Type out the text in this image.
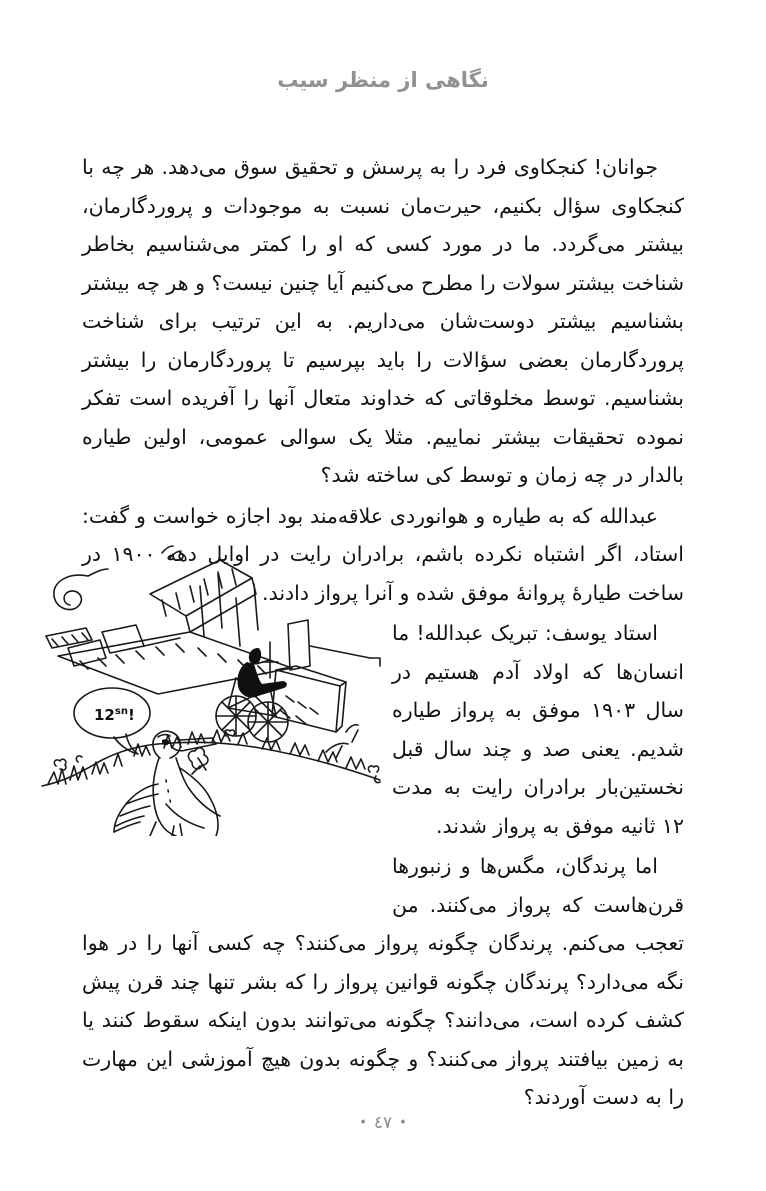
نگاهی از منظر سیب

جوانان! کنجکاوی فرد را به پرسش و تحقیق سوق می‌دهد. هر چه با کنجکاوی سؤال بکنیم، حیرت‌مان نسبت به موجودات و پروردگارمان، بیشتر می‌گردد. ما در مورد کسی که او را کمتر می‌شناسیم بخاطر شناخت بیشتر سولات را مطرح می‌کنیم آیا چنین نیست؟ و هر چه بیشتر بشناسیم بیشتر دوست‌شان می‌داریم. به این ترتیب برای شناخت پروردگارمان بعضی سؤالات را باید بپرسیم تا پروردگارمان را بیشتر بشناسیم. توسط مخلوقاتی که خداوند متعال آنها را آفریده است تفکر نموده تحقیقات بیشتر نماییم. مثلا یک سوالی عمومی، اولین طیاره بالدار در چه زمان و توسط کی ساخته شد؟

عبدالله که به طیاره و هوانوردی علاقه‌مند بود اجازه خواست و گفت: استاد، اگر اشتباه نکرده باشم، برادران رایت در اوایل دهه ۱۹۰۰ در ساخت طیارهٔ پروانهٔ موفق شده و آنرا پرواز دادند.

استاد یوسف: تبریک عبدالله! ما انسان‌ها که اولاد آدم هستیم در سال ۱۹۰۳ موفق به پرواز طیاره شدیم. یعنی صد و چند سال قبل نخستین‌بار برادران رایت به مدت ۱۲ ثانیه موفق به پرواز شدند.

اما پرندگان، مگس‌ها و زنبورها قرن‌هاست که پرواز می‌کنند. من تعجب می‌کنم. پرندگان چگونه پرواز می‌کنند؟ چه کسی آنها را در هوا نگه می‌دارد؟ پرندگان چگونه قوانین پرواز را که بشر تنها چند قرن پیش کشف کرده است، می‌دانند؟ چگونه می‌توانند بدون اینکه سقوط کنند یا به زمین بیافتند پرواز می‌کنند؟ و چگونه بدون هیچ آموزشی این مهارت را به دست آوردند؟

$12^{sn}$!
•٤٧•
